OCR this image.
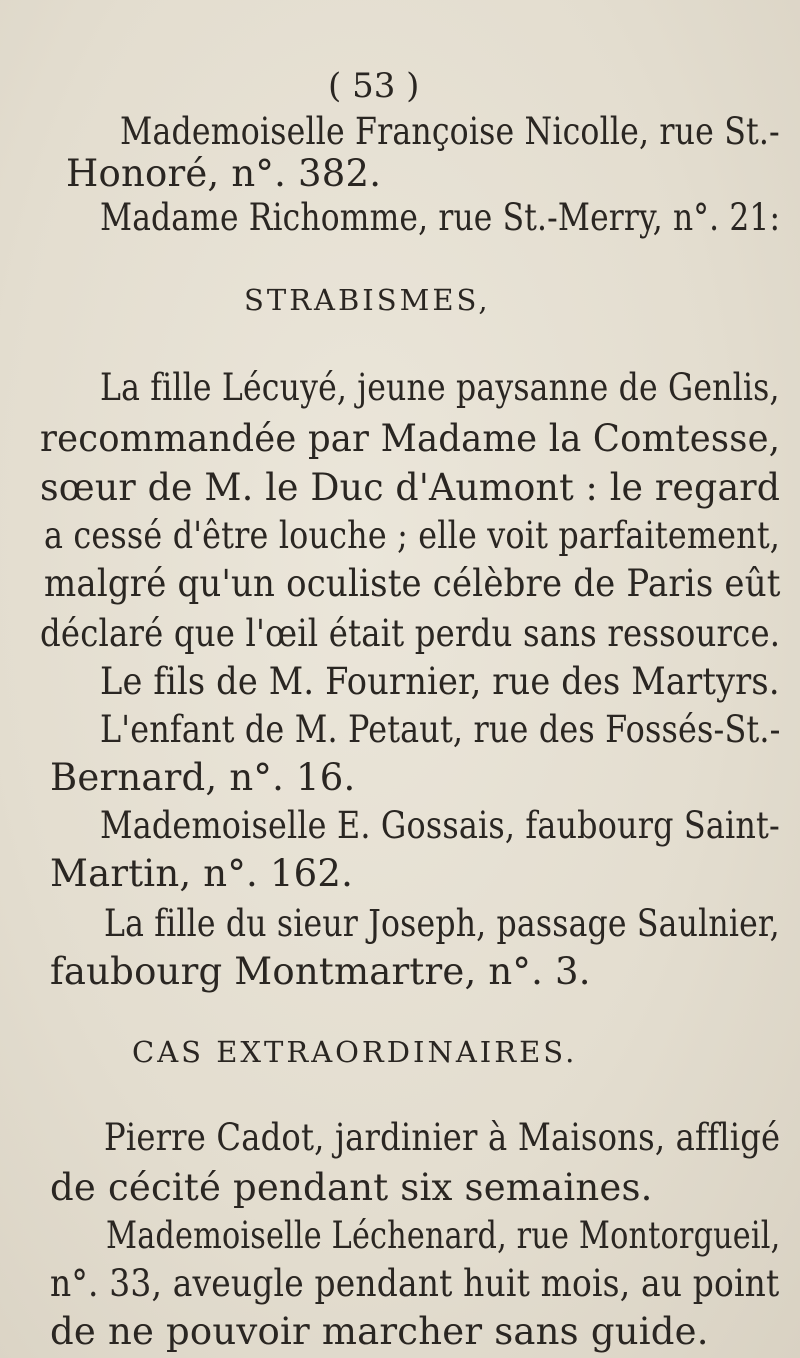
( 53 )
Mademoiselle Françoise Nicolle, rue St.-
Honoré, n°. 382.
Madame Richomme, rue St.-Merry, n°. 21:
STRABISMES,
La fille Lécuyé, jeune paysanne de Genlis,
recommandée par Madame la Comtesse,
sœur de M. le Duc d'Aumont : le regard
a cessé d'être louche ; elle voit parfaitement,
malgré qu'un oculiste célèbre de Paris eût
déclaré que l'œil était perdu sans ressource.
Le fils de M. Fournier, rue des Martyrs.
L'enfant de M. Petaut, rue des Fossés-St.-
Bernard, n°. 16.
Mademoiselle E. Gossais, faubourg Saint-
Martin, n°. 162.
La fille du sieur Joseph, passage Saulnier,
faubourg Montmartre, n°. 3.
CAS EXTRAORDINAIRES.
Pierre Cadot, jardinier à Maisons, affligé
de cécité pendant six semaines.
Mademoiselle Léchenard, rue Montorgueil,
n°. 33, aveugle pendant huit mois, au point
de ne pouvoir marcher sans guide.
